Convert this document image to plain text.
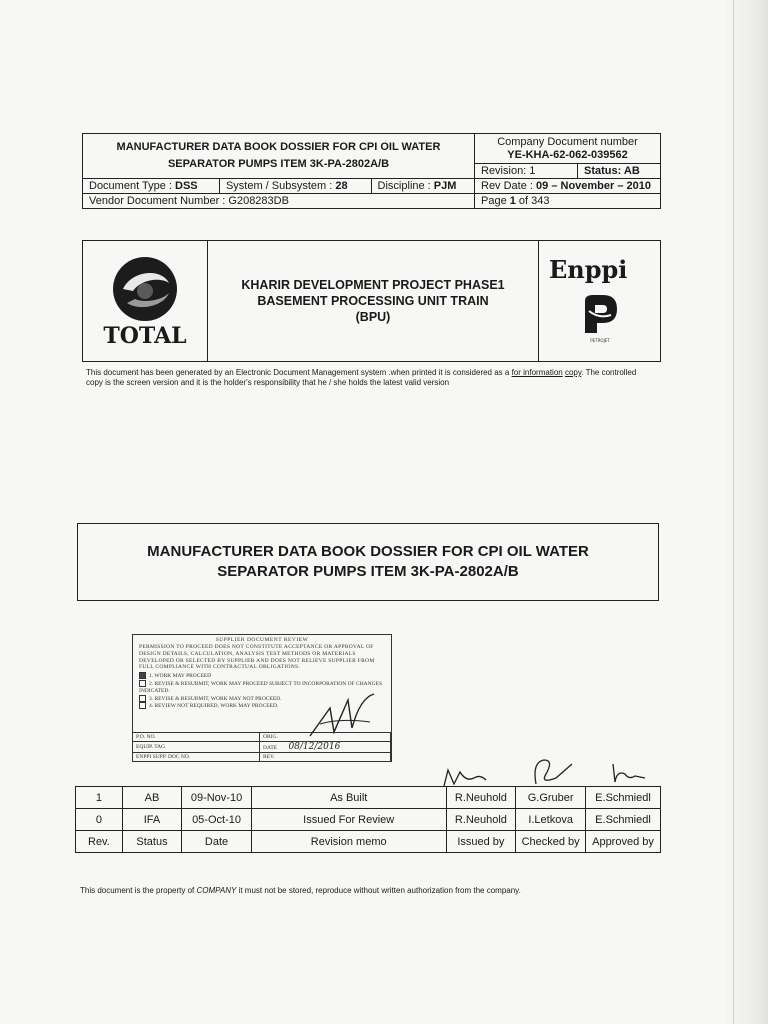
MANUFACTURER DATA BOOK DOSSIER FOR CPI OIL WATER SEPARATOR PUMPS ITEM 3K-PA-2802A/B			Company Document number
YE-KHA-62-062-039562	

			Revision: 1	Status: AB
Document Type : DSS	System / Subsystem : 28	Discipline : PJM	Rev Date : 09 – November – 2010	
Vendor Document Number : G208283DB			Page 1 of 343	
TOTAL
KHARIR DEVELOPMENT PROJECT PHASE1
BASEMENT PROCESSING UNIT TRAIN
(BPU)
Enppi
PETROJET
This document has been generated by an Electronic Document Management system .when printed it is considered as a for information copy. The controlled copy is the screen version and it is the holder's responsibility that he / she holds the latest valid version
MANUFACTURER DATA BOOK DOSSIER FOR CPI OIL WATER
SEPARATOR PUMPS ITEM 3K-PA-2802A/B
SUPPLIER DOCUMENT REVIEW
PERMISSION TO PROCEED DOES NOT CONSTITUTE ACCEPTANCE OR APPROVAL OF DESIGN DETAILS, CALCULATION, ANALYSIS TEST METHODS OR MATERIALS DEVELOPED OR SELECTED BY SUPPLIER AND DOES NOT RELIEVE SUPPLIER FROM FULL COMPLIANCE WITH CONTRACTUAL OBLIGATIONS.
1. WORK MAY PROCEED
2. REVISE & RESUBMIT, WORK MAY PROCEED SUBJECT TO INCORPORATION OF CHANGES INDICATED.
3. REVISE & RESUBMIT, WORK MAY NOT PROCEED.
4. REVIEW NOT REQUIRED, WORK MAY PROCEED.
P.O. NO.	ORIG.
EQUIP. TAG	DATE 08/12/2016
ENPPI SUPP. DOC NO.	REV.
1	AB	09-Nov-10	As Built	R.Neuhold	G.Gruber	E.Schmiedl
0	IFA	05-Oct-10	Issued For Review	R.Neuhold	I.Letkova	E.Schmiedl
Rev.	Status	Date	Revision memo	Issued by	Checked by	Approved by
This document is the property of COMPANY it must not be stored, reproduce without written authorization from the company.
